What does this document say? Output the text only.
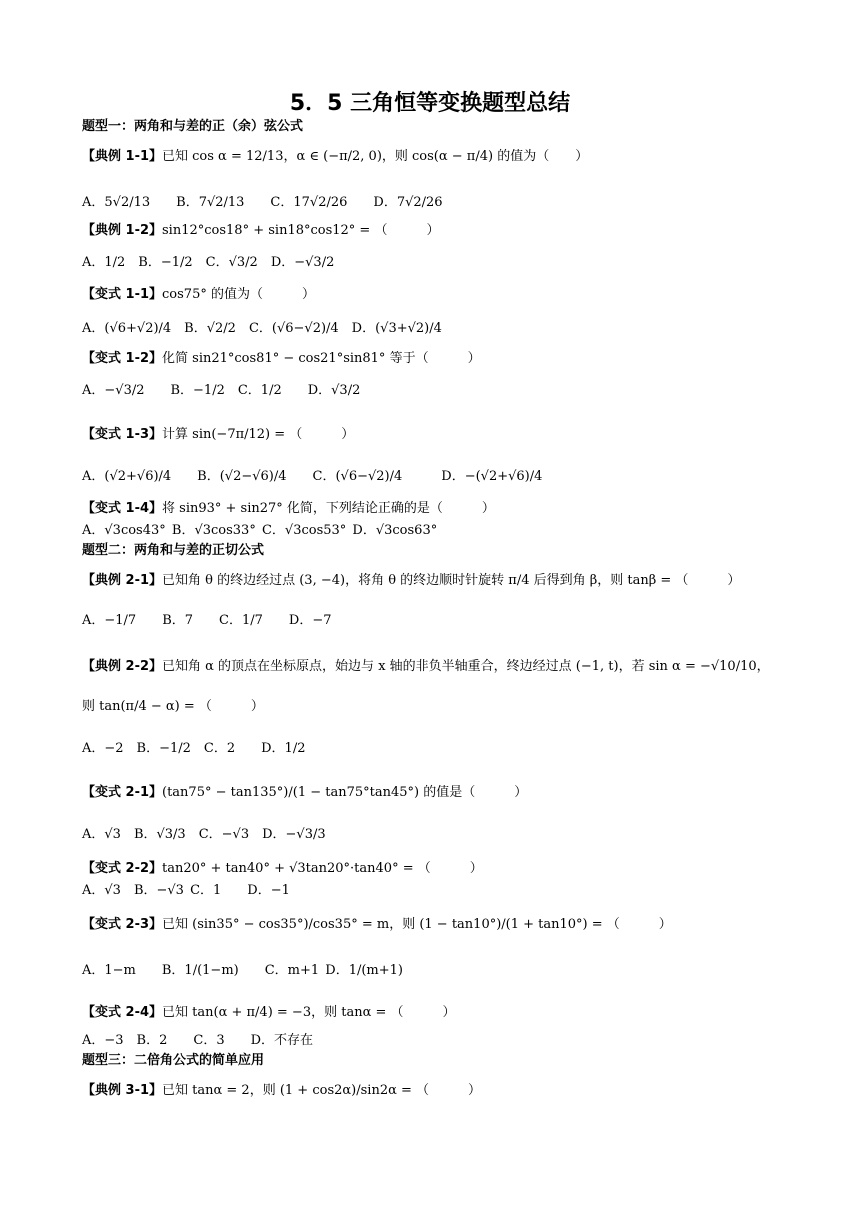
5．5 三角恒等变换题型总结
题型一：两角和与差的正（余）弦公式
【典例 1-1】已知 cos α = 12/13，α ∈ (−π/2, 0)，则 cos(α − π/4) 的值为（　　）
A．5√2/13　　B．7√2/13　　C．17√2/26　　D．7√2/26
【典例 1-2】sin12°cos18° + sin18°cos12° = （　　　）
A．1/2　B．−1/2　C．√3/2　D．−√3/2
【变式 1-1】cos75° 的值为（　　　）
A．(√6+√2)/4　B．√2/2　C．(√6−√2)/4　D．(√3+√2)/4
【变式 1-2】化简 sin21°cos81° − cos21°sin81° 等于（　　　）
A．−√3/2　　B．−1/2　C．1/2　　D．√3/2
【变式 1-3】计算 sin(−7π/12) = （　　　）
A．(√2+√6)/4　　B．(√2−√6)/4　　C．(√6−√2)/4　　　D．−(√2+√6)/4
【变式 1-4】将 sin93° + sin27° 化简，下列结论正确的是（　　　）
A．√3cos43° B．√3cos33° C．√3cos53° D．√3cos63°
题型二：两角和与差的正切公式
【典例 2-1】已知角 θ 的终边经过点 (3, −4)，将角 θ 的终边顺时针旋转 π/4 后得到角 β，则 tanβ = （　　　）
A．−1/7　　B．7　　C．1/7　　D．−7
【典例 2-2】已知角 α 的顶点在坐标原点，始边与 x 轴的非负半轴重合，终边经过点 (−1, t)，若 sin α = −√10/10，
则 tan(π/4 − α) = （　　　）
A．−2　B．−1/2　C．2　　D．1/2
【变式 2-1】(tan75° − tan135°)/(1 − tan75°tan45°) 的值是（　　　）
A．√3　B．√3/3　C．−√3　D．−√3/3
【变式 2-2】tan20° + tan40° + √3tan20°·tan40° = （　　　）
A．√3　B．−√3 C．1　　D．−1
【变式 2-3】已知 (sin35° − cos35°)/cos35° = m，则 (1 − tan10°)/(1 + tan10°) = （　　　）
A．1−m　　B．1/(1−m)　　C．m+1 D．1/(m+1)
【变式 2-4】已知 tan(α + π/4) = −3，则 tanα = （　　　）
A．−3　B．2　　C．3　　D．不存在
题型三：二倍角公式的简单应用
【典例 3-1】已知 tanα = 2，则 (1 + cos2α)/sin2α = （　　　）
